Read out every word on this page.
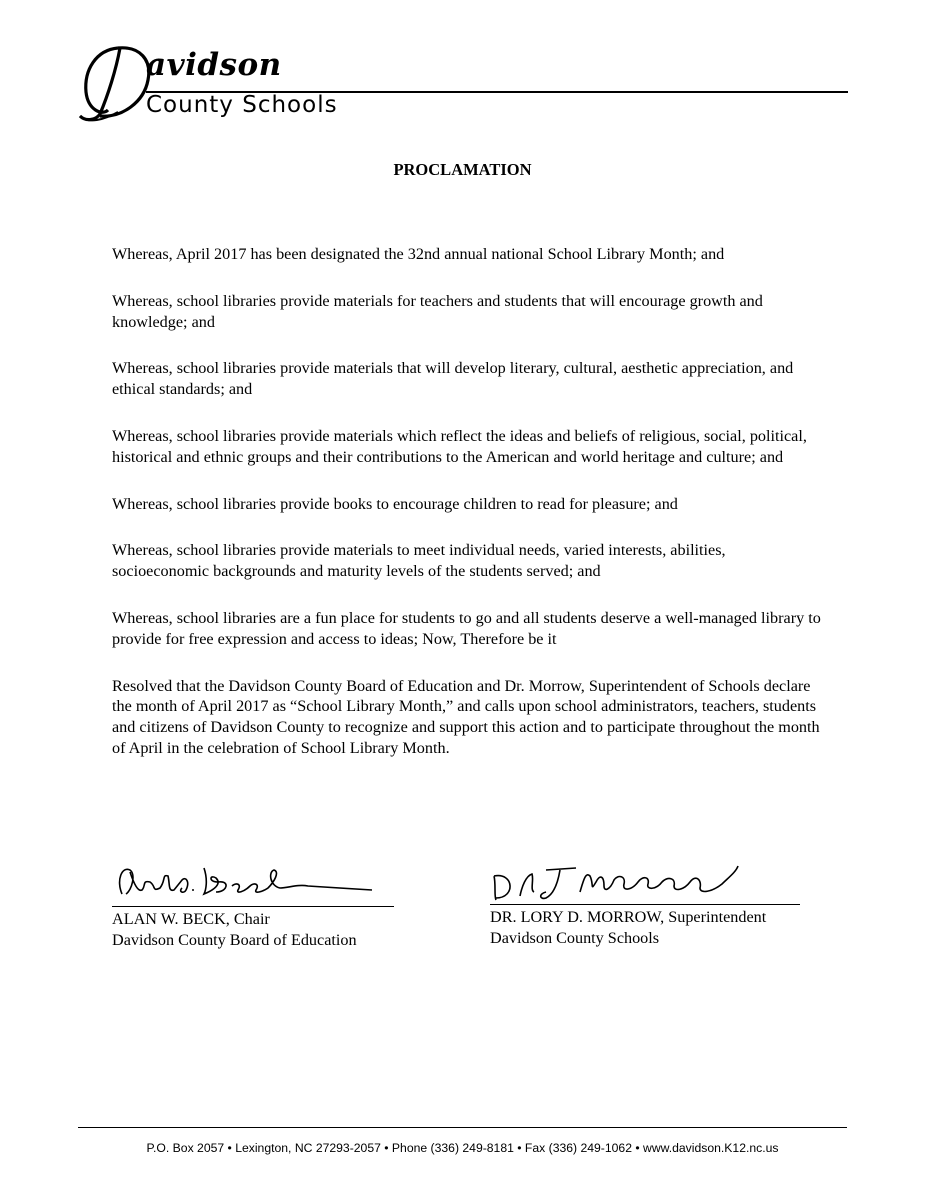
avidson
County Schools
PROCLAMATION

Whereas, April 2017 has been designated the 32nd annual national School Library Month; and

Whereas, school libraries provide materials for teachers and students that will encourage growth and knowledge; and

Whereas, school libraries provide materials that will develop literary, cultural, aesthetic appreciation, and ethical standards; and

Whereas, school libraries provide materials which reflect the ideas and beliefs of religious, social, political, historical and ethnic groups and their contributions to the American and world heritage and culture; and

Whereas, school libraries provide books to encourage children to read for pleasure; and

Whereas, school libraries provide materials to meet individual needs, varied interests, abilities, socioeconomic backgrounds and maturity levels of the students served; and

Whereas, school libraries are a fun place for students to go and all students deserve a well-managed library to provide for free expression and access to ideas; Now, Therefore be it

Resolved that the Davidson County Board of Education and Dr. Morrow, Superintendent of Schools declare the month of April 2017 as “School Library Month,” and calls upon school administrators, teachers, students and citizens of Davidson County to recognize and support this action and to participate throughout the month of April in the celebration of School Library Month.

ALAN W. BECK, Chair
Davidson County Board of Education
DR. LORY D. MORROW, Superintendent
Davidson County Schools
P.O. Box 2057 • Lexington, NC 27293-2057 • Phone (336) 249-8181 • Fax (336) 249-1062 • www.davidson.K12.nc.us
